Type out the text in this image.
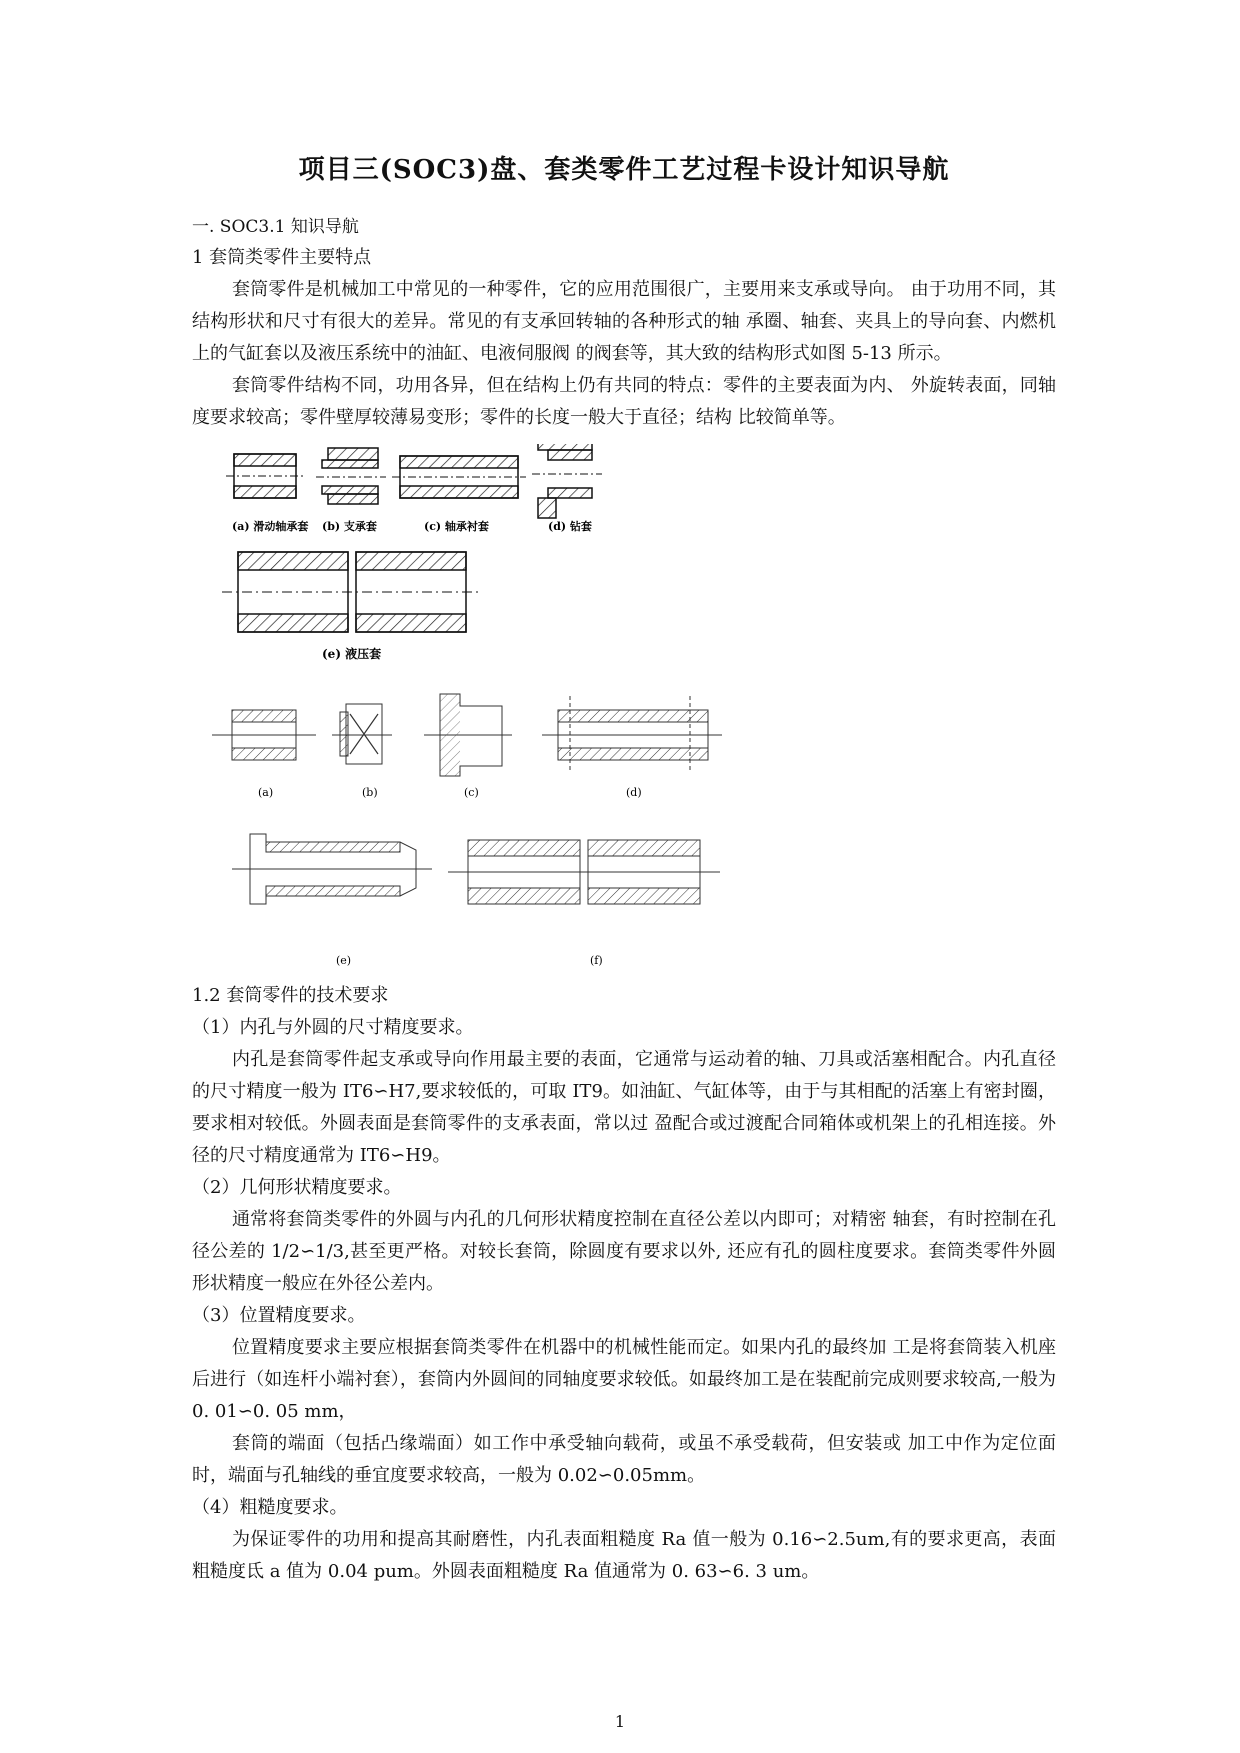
项目三(SOC3)盘、套类零件工艺过程卡设计知识导航
一. SOC3.1 知识导航
1 套筒类零件主要特点

套筒零件是机械加工中常见的一种零件，它的应用范围很广，主要用来支承或导向。 由于功用不同，其结构形状和尺寸有很大的差异。常见的有支承回转轴的各种形式的轴 承圈、轴套、夹具上的导向套、内燃机上的气缸套以及液压系统中的油缸、电液伺服阀 的阀套等，其大致的结构形式如图 5-13 所示。

套筒零件结构不同，功用各异，但在结构上仍有共同的特点：零件的主要表面为内、 外旋转表面，同轴度要求较高；零件壁厚较薄易变形；零件的长度一般大于直径；结构 比较简单等。

(a) 滑动轴承套 (b) 支承套	(c) 轴承衬套	(d) 钻套
(e) 液压套
(a)	(b)	(c)	(d)
(e)	(f)
1.2 套筒零件的技术要求
（1）内孔与外圆的尺寸精度要求。

内孔是套筒零件起支承或导向作用最主要的表面，它通常与运动着的轴、刀具或活塞相配合。内孔直径的尺寸精度一般为 IT6∽H7,要求较低的，可取 IT9。如油缸、气缸体等，由于与其相配的活塞上有密封圈，要求相对较低。外圆表面是套筒零件的支承表面，常以过 盈配合或过渡配合同箱体或机架上的孔相连接。外径的尺寸精度通常为 IT6∽H9。

（2）几何形状精度要求。

通常将套筒类零件的外圆与内孔的几何形状精度控制在直径公差以内即可；对精密 轴套，有时控制在孔径公差的 1/2∽1/3,甚至更严格。对较长套筒，除圆度有要求以外, 还应有孔的圆柱度要求。套筒类零件外圆形状精度一般应在外径公差内。

（3）位置精度要求。

位置精度要求主要应根据套筒类零件在机器中的机械性能而定。如果内孔的最终加 工是将套筒装入机座后进行（如连杆小端衬套），套筒内外圆间的同轴度要求较低。如最终加工是在装配前完成则要求较高,一般为 0. 01∽0. 05 mm，

套筒的端面（包括凸缘端面）如工作中承受轴向载荷，或虽不承受载荷，但安装或 加工中作为定位面时，端面与孔轴线的垂宜度要求较高，一般为 0.02∽0.05mm。

（4）粗糙度要求。

为保证零件的功用和提高其耐磨性，内孔表面粗糙度 Ra 值一般为 0.16∽2.5um,有的要求更高，表面粗糙度氐 a 值为 0.04 pum。外圆表面粗糙度 Ra 值通常为 0. 63∽6. 3 um。

1
